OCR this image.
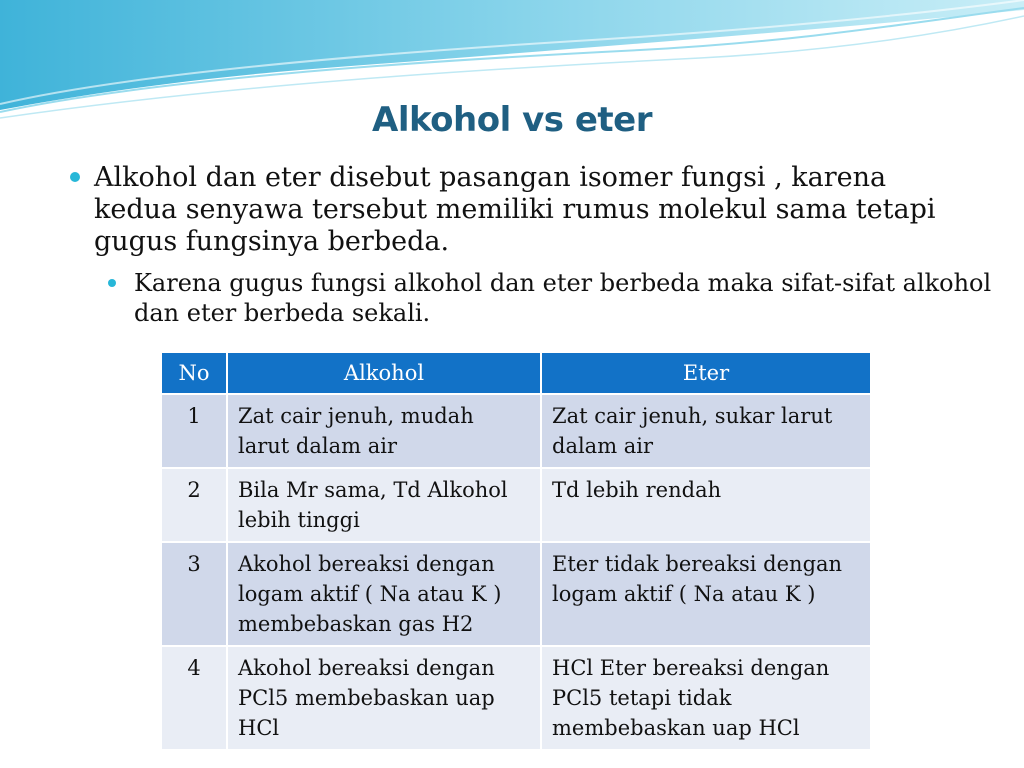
Alkohol vs eter
Alkohol dan eter disebut pasangan isomer fungsi , karena kedua senyawa tersebut memiliki rumus molekul sama tetapi gugus fungsinya berbeda.
Karena gugus fungsi alkohol dan eter berbeda maka sifat-sifat alkohol dan eter berbeda sekali.
No	Alkohol	Eter
1	Zat cair jenuh, mudah larut dalam air	Zat cair jenuh, sukar larut dalam air
2	Bila Mr sama, Td Alkohol lebih tinggi	Td lebih rendah
3	Akohol bereaksi dengan logam aktif ( Na atau K ) membebaskan gas H2	Eter tidak bereaksi dengan logam aktif ( Na atau K )
4	Akohol bereaksi dengan PCl5 membebaskan uap HCl	HCl Eter bereaksi dengan PCl5 tetapi tidak membebaskan uap HCl
